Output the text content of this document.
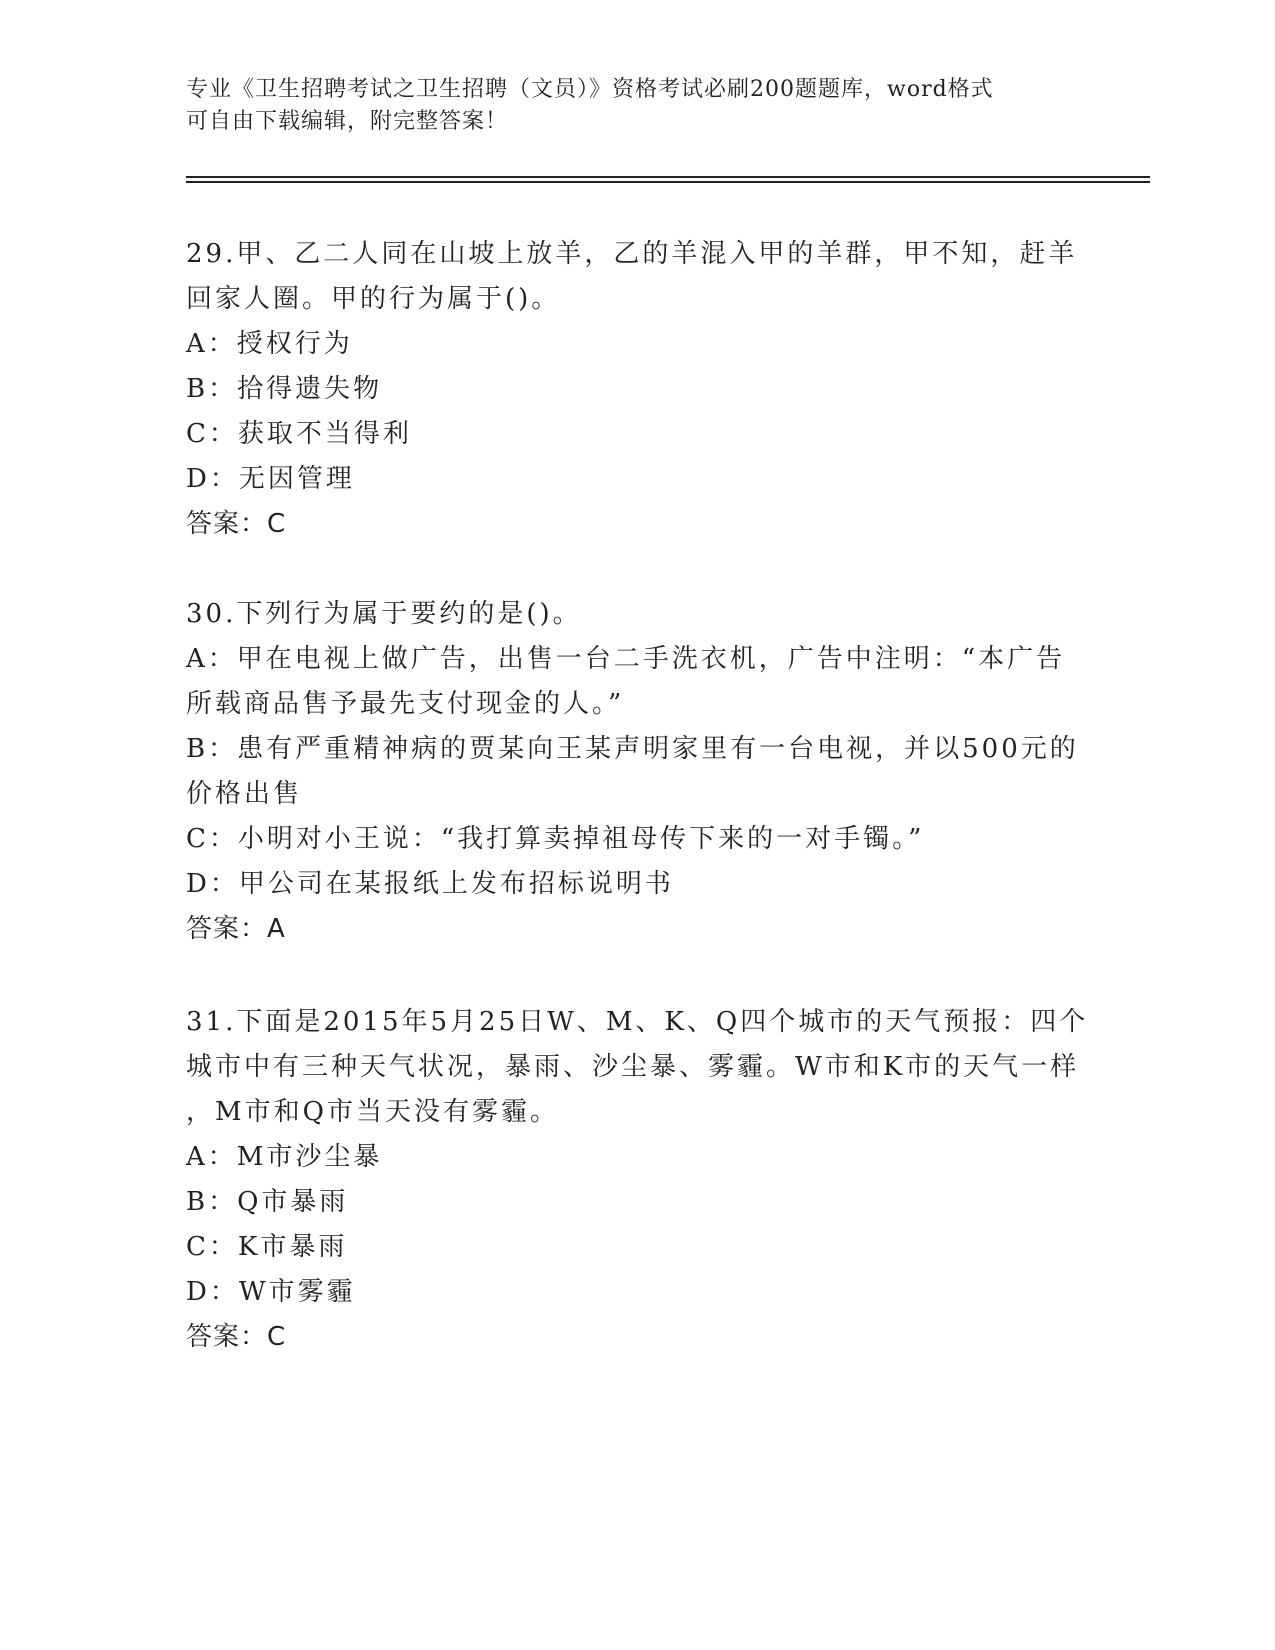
专业《卫生招聘考试之卫生招聘（文员）》资格考试必刷200题题库，word格式
可自由下载编辑，附完整答案！

29.甲、乙二人同在山坡上放羊，乙的羊混入甲的羊群，甲不知，赶羊

回家人圈。甲的行为属于()。

A：授权行为

B：拾得遗失物

C：获取不当得利

D：无因管理

答案：C

30.下列行为属于要约的是()。

A：甲在电视上做广告，出售一台二手洗衣机，广告中注明：“本广告

所载商品售予最先支付现金的人。”

B：患有严重精神病的贾某向王某声明家里有一台电视，并以500元的

价格出售

C：小明对小王说：“我打算卖掉祖母传下来的一对手镯。”

D：甲公司在某报纸上发布招标说明书

答案：A

31.下面是2015年5月25日W、M、K、Q四个城市的天气预报：四个

城市中有三种天气状况，暴雨、沙尘暴、雾霾。W市和K市的天气一样

，M市和Q市当天没有雾霾。

A：M市沙尘暴

B：Q市暴雨

C：K市暴雨

D：W市雾霾

答案：C
